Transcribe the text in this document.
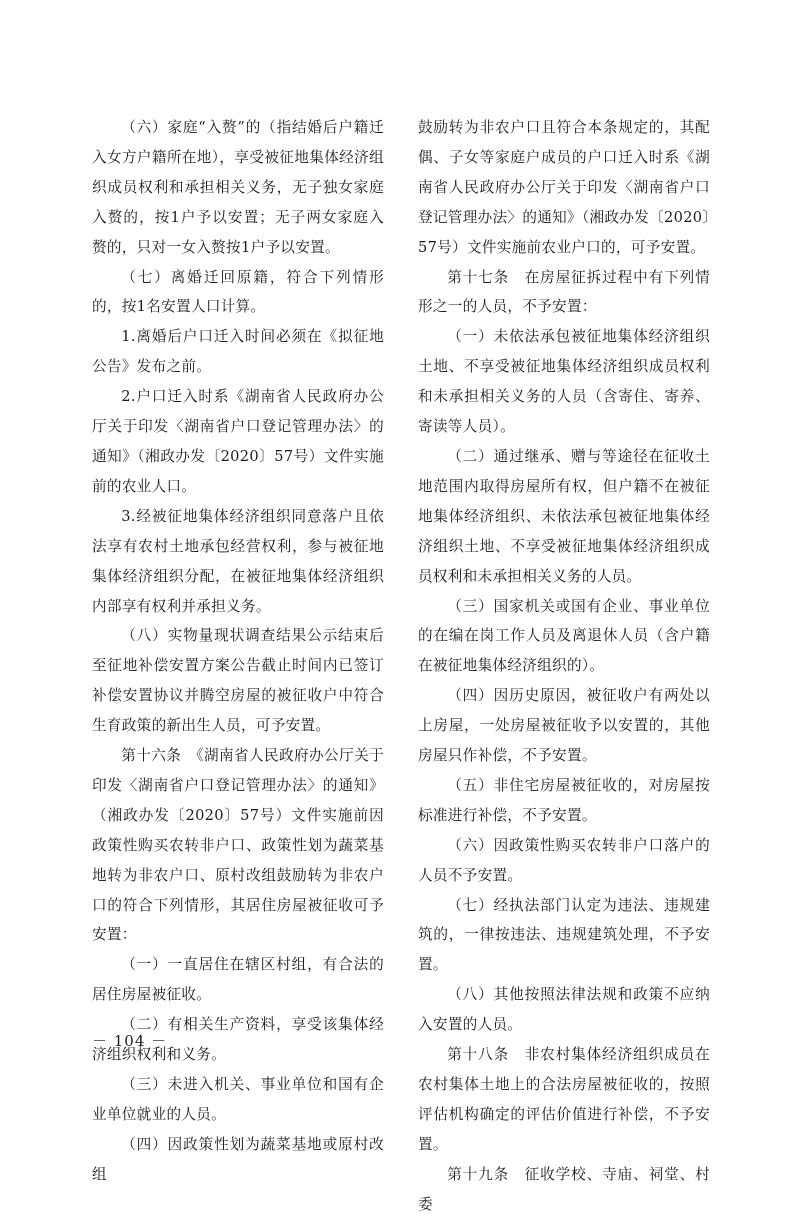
（六）家庭“入赘”的（指结婚后户籍迁入女方户籍所在地），享受被征地集体经济组织成员权利和承担相关义务，无子独女家庭入赘的，按1户予以安置；无子两女家庭入赘的，只对一女入赘按1户予以安置。

（七）离婚迁回原籍，符合下列情形的，按1名安置人口计算。

1.离婚后户口迁入时间必须在《拟征地公告》发布之前。

2.户口迁入时系《湖南省人民政府办公厅关于印发〈湖南省户口登记管理办法〉的通知》（湘政办发〔2020〕57号）文件实施前的农业人口。

3.经被征地集体经济组织同意落户且依法享有农村土地承包经营权利，参与被征地集体经济组织分配，在被征地集体经济组织内部享有权利并承担义务。

（八）实物量现状调查结果公示结束后至征地补偿安置方案公告截止时间内已签订补偿安置协议并腾空房屋的被征收户中符合生育政策的新出生人员，可予安置。

第十六条　《湖南省人民政府办公厅关于印发〈湖南省户口登记管理办法〉的通知》（湘政办发〔2020〕57号）文件实施前因政策性购买农转非户口、政策性划为蔬菜基地转为非农户口、原村改组鼓励转为非农户口的符合下列情形，其居住房屋被征收可予安置：

（一）一直居住在辖区村组，有合法的居住房屋被征收。

（二）有相关生产资料，享受该集体经济组织权利和义务。

（三）未进入机关、事业单位和国有企业单位就业的人员。

（四）因政策性划为蔬菜基地或原村改组

鼓励转为非农户口且符合本条规定的，其配偶、子女等家庭户成员的户口迁入时系《湖南省人民政府办公厅关于印发〈湖南省户口登记管理办法〉的通知》（湘政办发〔2020〕57号）文件实施前农业户口的，可予安置。

第十七条　在房屋征拆过程中有下列情形之一的人员，不予安置：

（一）未依法承包被征地集体经济组织土地、不享受被征地集体经济组织成员权利和未承担相关义务的人员（含寄住、寄养、寄读等人员）。

（二）通过继承、赠与等途径在征收土地范围内取得房屋所有权，但户籍不在被征地集体经济组织、未依法承包被征地集体经济组织土地、不享受被征地集体经济组织成员权利和未承担相关义务的人员。

（三）国家机关或国有企业、事业单位的在编在岗工作人员及离退休人员（含户籍在被征地集体经济组织的）。

（四）因历史原因，被征收户有两处以上房屋，一处房屋被征收予以安置的，其他房屋只作补偿，不予安置。

（五）非住宅房屋被征收的，对房屋按标准进行补偿，不予安置。

（六）因政策性购买农转非户口落户的人员不予安置。

（七）经执法部门认定为违法、违规建筑的，一律按违法、违规建筑处理，不予安置。

（八）其他按照法律法规和政策不应纳入安置的人员。

第十八条　非农村集体经济组织成员在农村集体土地上的合法房屋被征收的，按照评估机构确定的评估价值进行补偿，不予安置。

第十九条　征收学校、寺庙、祠堂、村委

－ 104 －
